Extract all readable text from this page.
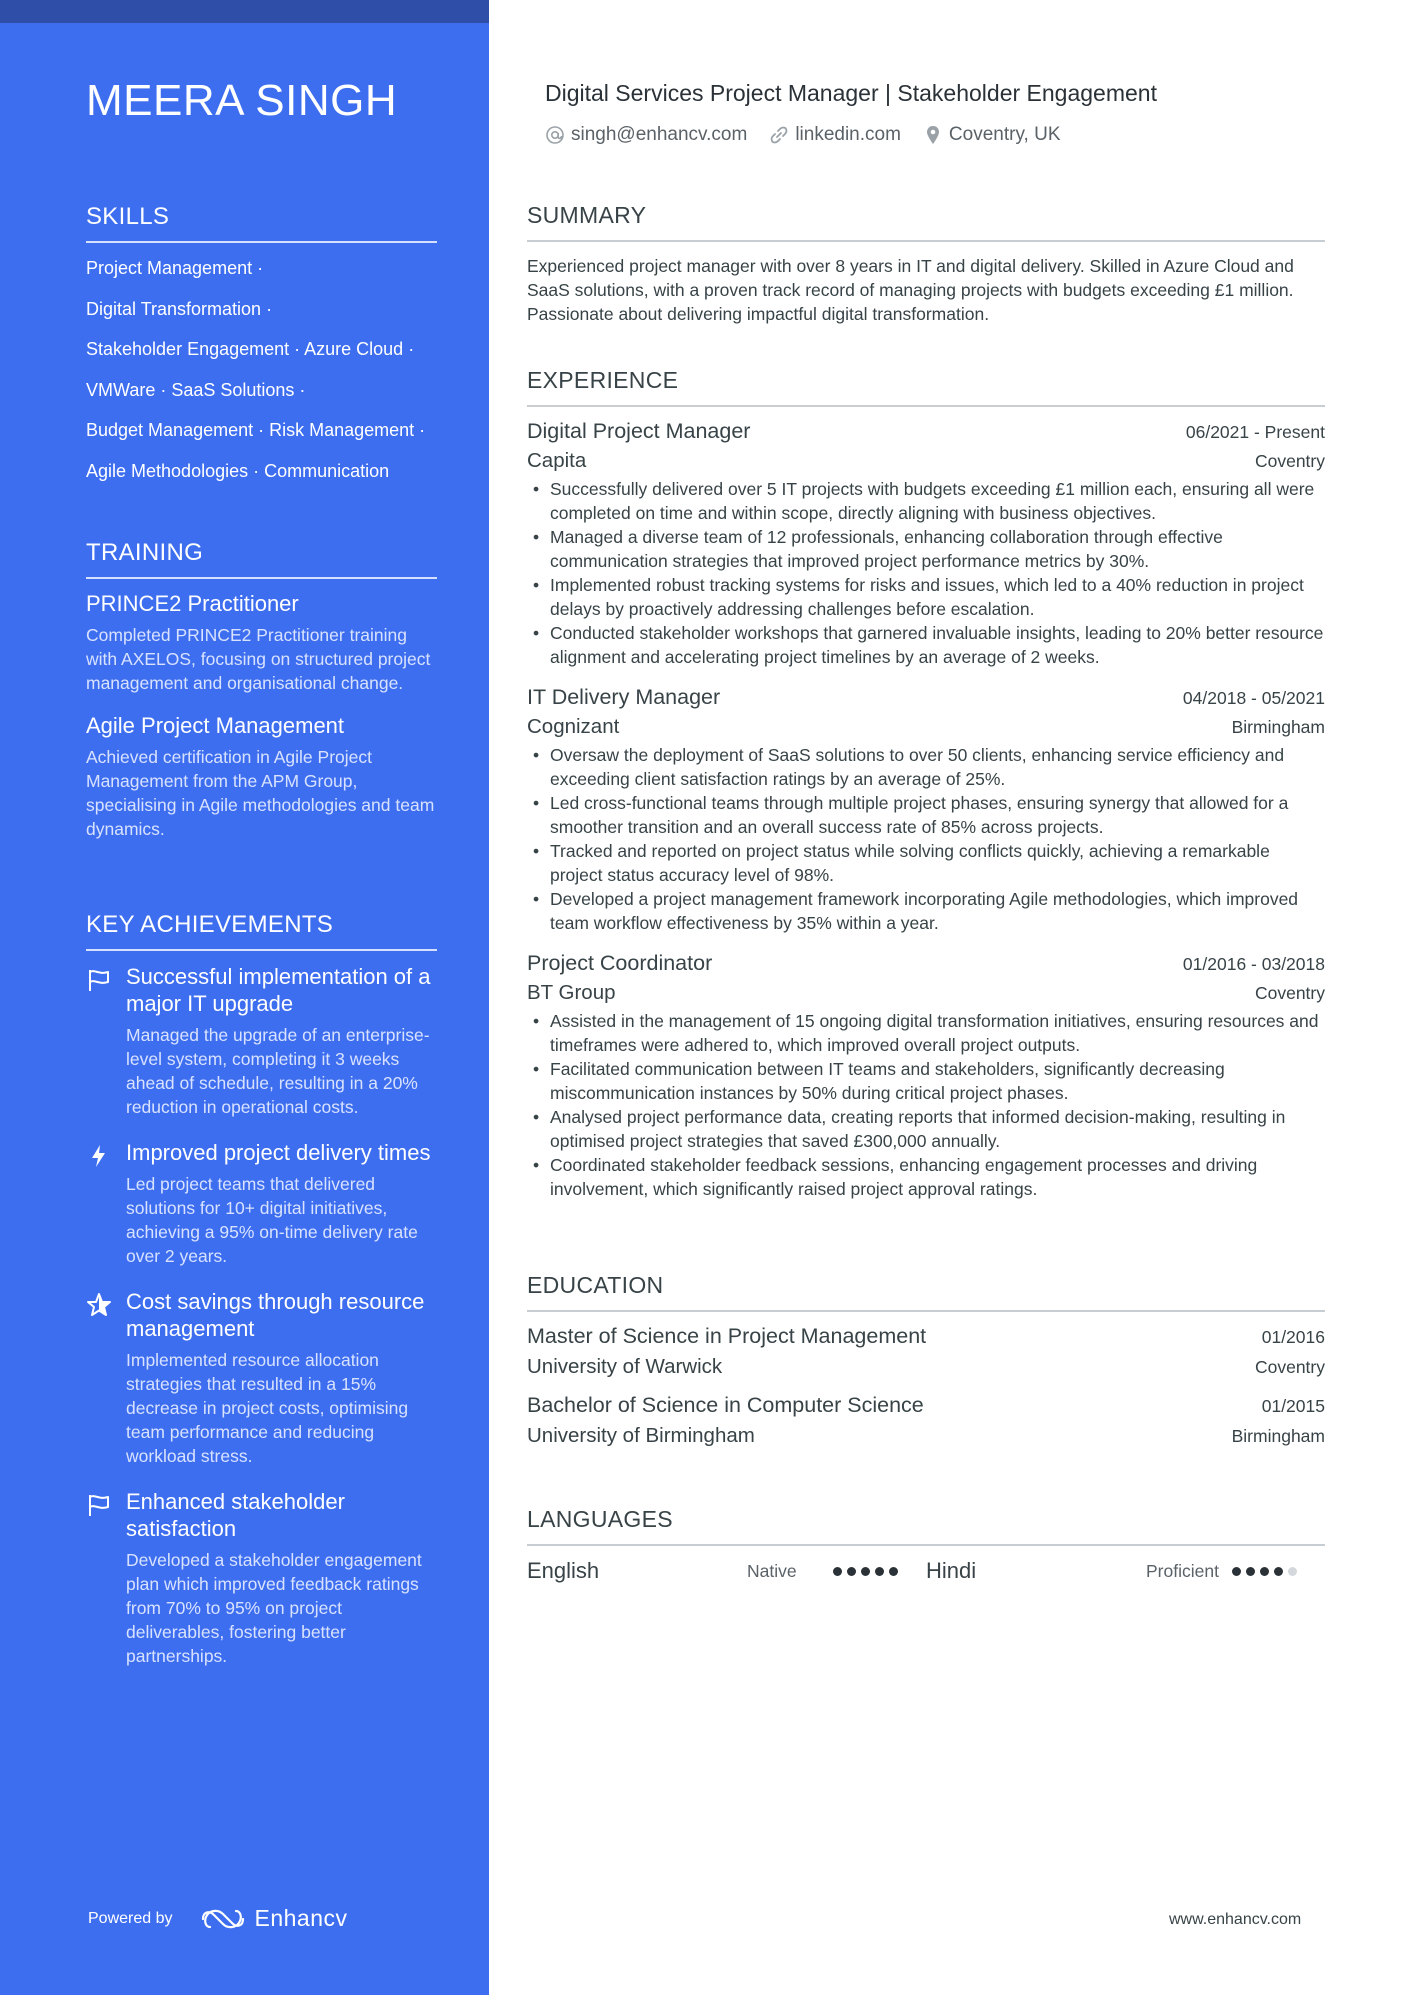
MEERA SINGH
SKILLS
Project Management ·
Digital Transformation ·
Stakeholder Engagement · Azure Cloud ·
VMWare · SaaS Solutions ·
Budget Management · Risk Management ·
Agile Methodologies · Communication
TRAINING
PRINCE2 Practitioner
Completed PRINCE2 Practitioner training with AXELOS, focusing on structured project management and organisational change.
Agile Project Management
Achieved certification in Agile Project Management from the APM Group, specialising in Agile methodologies and team dynamics.
KEY ACHIEVEMENTS
Successful implementation of a major IT upgrade
Managed the upgrade of an enterprise-level system, completing it 3 weeks ahead of schedule, resulting in a 20% reduction in operational costs.
Improved project delivery times
Led project teams that delivered solutions for 10+ digital initiatives, achieving a 95% on-time delivery rate over 2 years.
Cost savings through resource management
Implemented resource allocation strategies that resulted in a 15% decrease in project costs, optimising team performance and reducing workload stress.
Enhanced stakeholder satisfaction
Developed a stakeholder engagement plan which improved feedback ratings from 70% to 95% on project deliverables, fostering better partnerships.
Powered by	Enhancv
Digital Services Project Manager | Stakeholder Engagement
singh@enhancv.com	linkedin.com	Coventry, UK
SUMMARY
Experienced project manager with over 8 years in IT and digital delivery. Skilled in Azure Cloud and SaaS solutions, with a proven track record of managing projects with budgets exceeding £1 million. Passionate about delivering impactful digital transformation.
EXPERIENCE
Digital Project Manager	06/2021 - Present
Capita	Coventry
• Successfully delivered over 5 IT projects with budgets exceeding £1 million each, ensuring all were completed on time and within scope, directly aligning with business objectives.
• Managed a diverse team of 12 professionals, enhancing collaboration through effective communication strategies that improved project performance metrics by 30%.
• Implemented robust tracking systems for risks and issues, which led to a 40% reduction in project delays by proactively addressing challenges before escalation.
• Conducted stakeholder workshops that garnered invaluable insights, leading to 20% better resource alignment and accelerating project timelines by an average of 2 weeks.
IT Delivery Manager	04/2018 - 05/2021
Cognizant	Birmingham
• Oversaw the deployment of SaaS solutions to over 50 clients, enhancing service efficiency and exceeding client satisfaction ratings by an average of 25%.
• Led cross-functional teams through multiple project phases, ensuring synergy that allowed for a smoother transition and an overall success rate of 85% across projects.
• Tracked and reported on project status while solving conflicts quickly, achieving a remarkable project status accuracy level of 98%.
• Developed a project management framework incorporating Agile methodologies, which improved team workflow effectiveness by 35% within a year.
Project Coordinator	01/2016 - 03/2018
BT Group	Coventry
• Assisted in the management of 15 ongoing digital transformation initiatives, ensuring resources and timeframes were adhered to, which improved overall project outputs.
• Facilitated communication between IT teams and stakeholders, significantly decreasing miscommunication instances by 50% during critical project phases.
• Analysed project performance data, creating reports that informed decision-making, resulting in optimised project strategies that saved £300,000 annually.
• Coordinated stakeholder feedback sessions, enhancing engagement processes and driving involvement, which significantly raised project approval ratings.
EDUCATION
Master of Science in Project Management	01/2016
University of Warwick	Coventry
Bachelor of Science in Computer Science	01/2015
University of Birmingham	Birmingham
LANGUAGES
English	Native	Hindi	Proficient
www.enhancv.com
